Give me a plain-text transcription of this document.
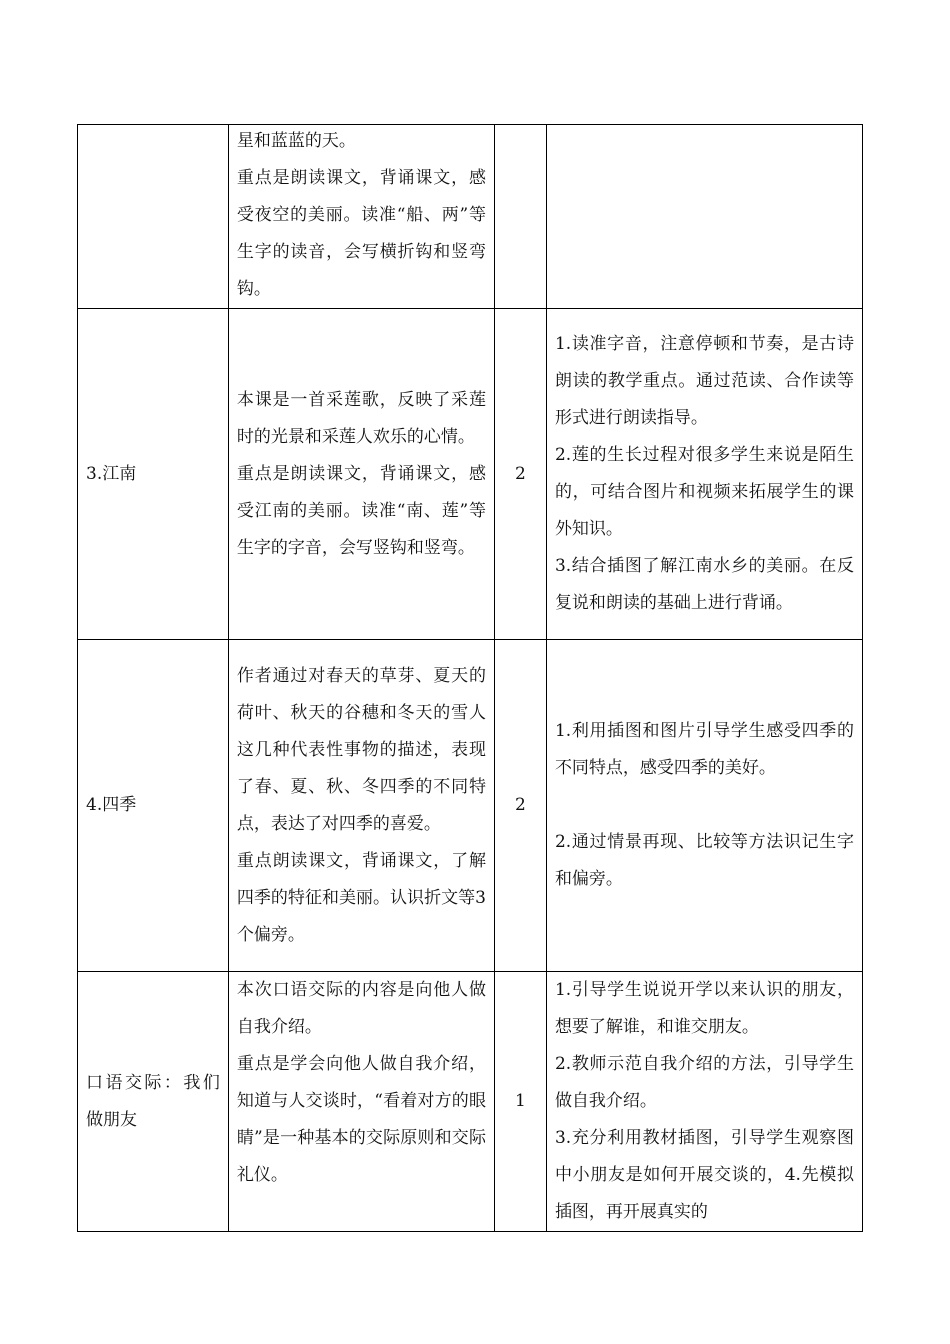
	星和蓝蓝的天。
重点是朗读课文，背诵课文，感受夜空的美丽。读准“船、两”等生字的读音，会写横折钩和竖弯钩。		

3.江南	本课是一首采莲歌，反映了采莲时的光景和采莲人欢乐的心情。
重点是朗读课文，背诵课文，感受江南的美丽。读准“南、莲”等生字的字音，会写竖钩和竖弯。	2	1.读准字音，注意停顿和节奏，是古诗朗读的教学重点。通过范读、合作读等形式进行朗读指导。
2.莲的生长过程对很多学生来说是陌生的，可结合图片和视频来拓展学生的课外知识。
3.结合插图了解江南水乡的美丽。在反复说和朗读的基础上进行背诵。

4.四季	作者通过对春天的草芽、夏天的荷叶、秋天的谷穗和冬天的雪人这几种代表性事物的描述，表现了春、夏、秋、冬四季的不同特点，表达了对四季的喜爱。
重点朗读课文，背诵课文，了解四季的特征和美丽。认识折文等3个偏旁。	2	1.利用插图和图片引导学生感受四季的不同特点，感受四季的美好。
2.通过情景再现、比较等方法识记生字和偏旁。

口语交际：我们做朋友	本次口语交际的内容是向他人做自我介绍。
重点是学会向他人做自我介绍，知道与人交谈时，“看着对方的眼睛”是一种基本的交际原则和交际礼仪。	1	1.引导学生说说开学以来认识的朋友，想要了解谁，和谁交朋友。
2.教师示范自我介绍的方法，引导学生做自我介绍。
3.充分利用教材插图，引导学生观察图中小朋友是如何开展交谈的，4.先模拟插图，再开展真实的
